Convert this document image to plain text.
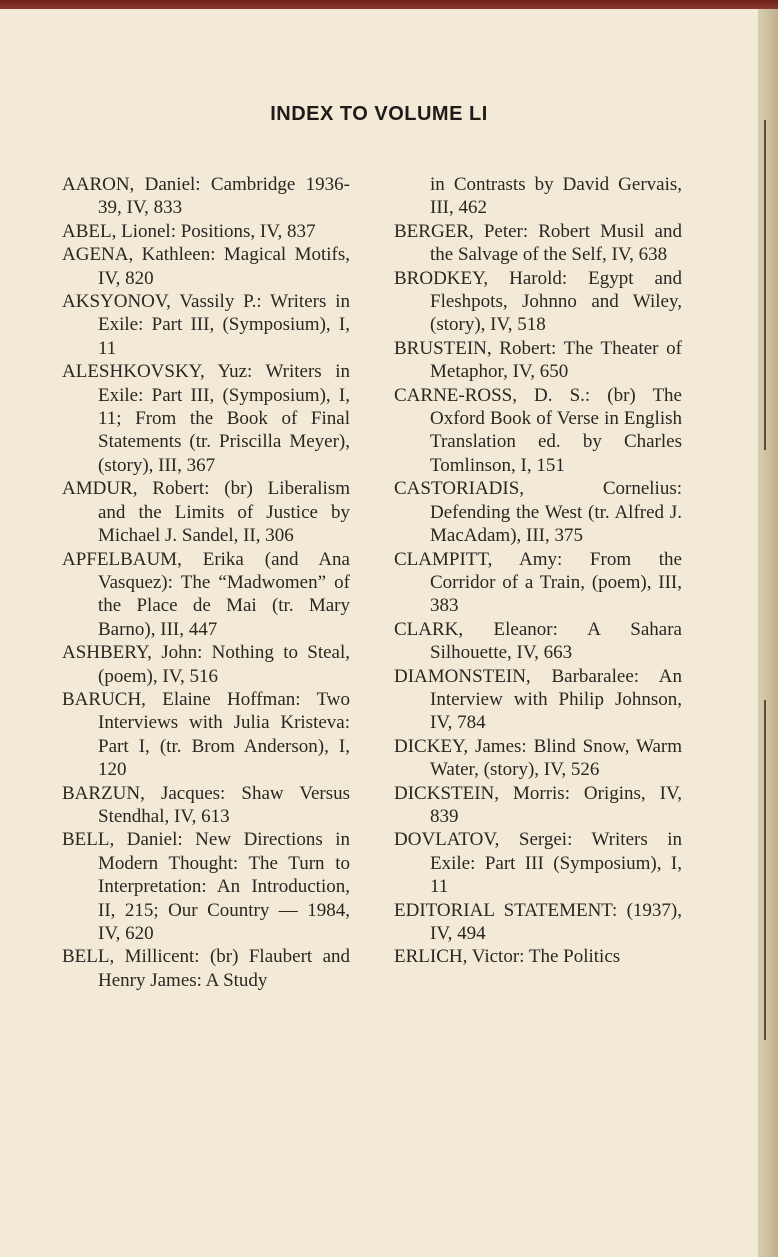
INDEX TO VOLUME LI
AARON, Daniel: Cambridge 1936-39, IV, 833
ABEL, Lionel: Positions, IV, 837
AGENA, Kathleen: Magical Motifs, IV, 820
AKSYONOV, Vassily P.: Writers in Exile: Part III, (Symposium), I, 11
ALESHKOVSKY, Yuz: Writers in Exile: Part III, (Symposium), I, 11; From the Book of Final Statements (tr. Priscilla Meyer), (story), III, 367
AMDUR, Robert: (br) Liberalism and the Limits of Justice by Michael J. Sandel, II, 306
APFELBAUM, Erika (and Ana Vasquez): The “Madwomen” of the Place de Mai (tr. Mary Barno), III, 447
ASHBERY, John: Nothing to Steal, (poem), IV, 516
BARUCH, Elaine Hoffman: Two Interviews with Julia Kristeva: Part I, (tr. Brom Anderson), I, 120
BARZUN, Jacques: Shaw Versus Stendhal, IV, 613
BELL, Daniel: New Directions in Modern Thought: The Turn to Interpretation: An Introduction, II, 215; Our Country — 1984, IV, 620
BELL, Millicent: (br) Flaubert and Henry James: A Study
in Contrasts by David Gervais, III, 462
BERGER, Peter: Robert Musil and the Salvage of the Self, IV, 638
BRODKEY, Harold: Egypt and Fleshpots, Johnno and Wiley, (story), IV, 518
BRUSTEIN, Robert: The Theater of Metaphor, IV, 650
CARNE-ROSS, D. S.: (br) The Oxford Book of Verse in English Translation ed. by Charles Tomlinson, I, 151
CASTORIADIS, Cornelius: Defending the West (tr. Alfred J. MacAdam), III, 375
CLAMPITT, Amy: From the Corridor of a Train, (poem), III, 383
CLARK, Eleanor: A Sahara Silhouette, IV, 663
DIAMONSTEIN, Barbaralee: An Interview with Philip Johnson, IV, 784
DICKEY, James: Blind Snow, Warm Water, (story), IV, 526
DICKSTEIN, Morris: Origins, IV, 839
DOVLATOV, Sergei: Writers in Exile: Part III (Symposium), I, 11
EDITORIAL STATEMENT: (1937), IV, 494
ERLICH, Victor: The Politics
